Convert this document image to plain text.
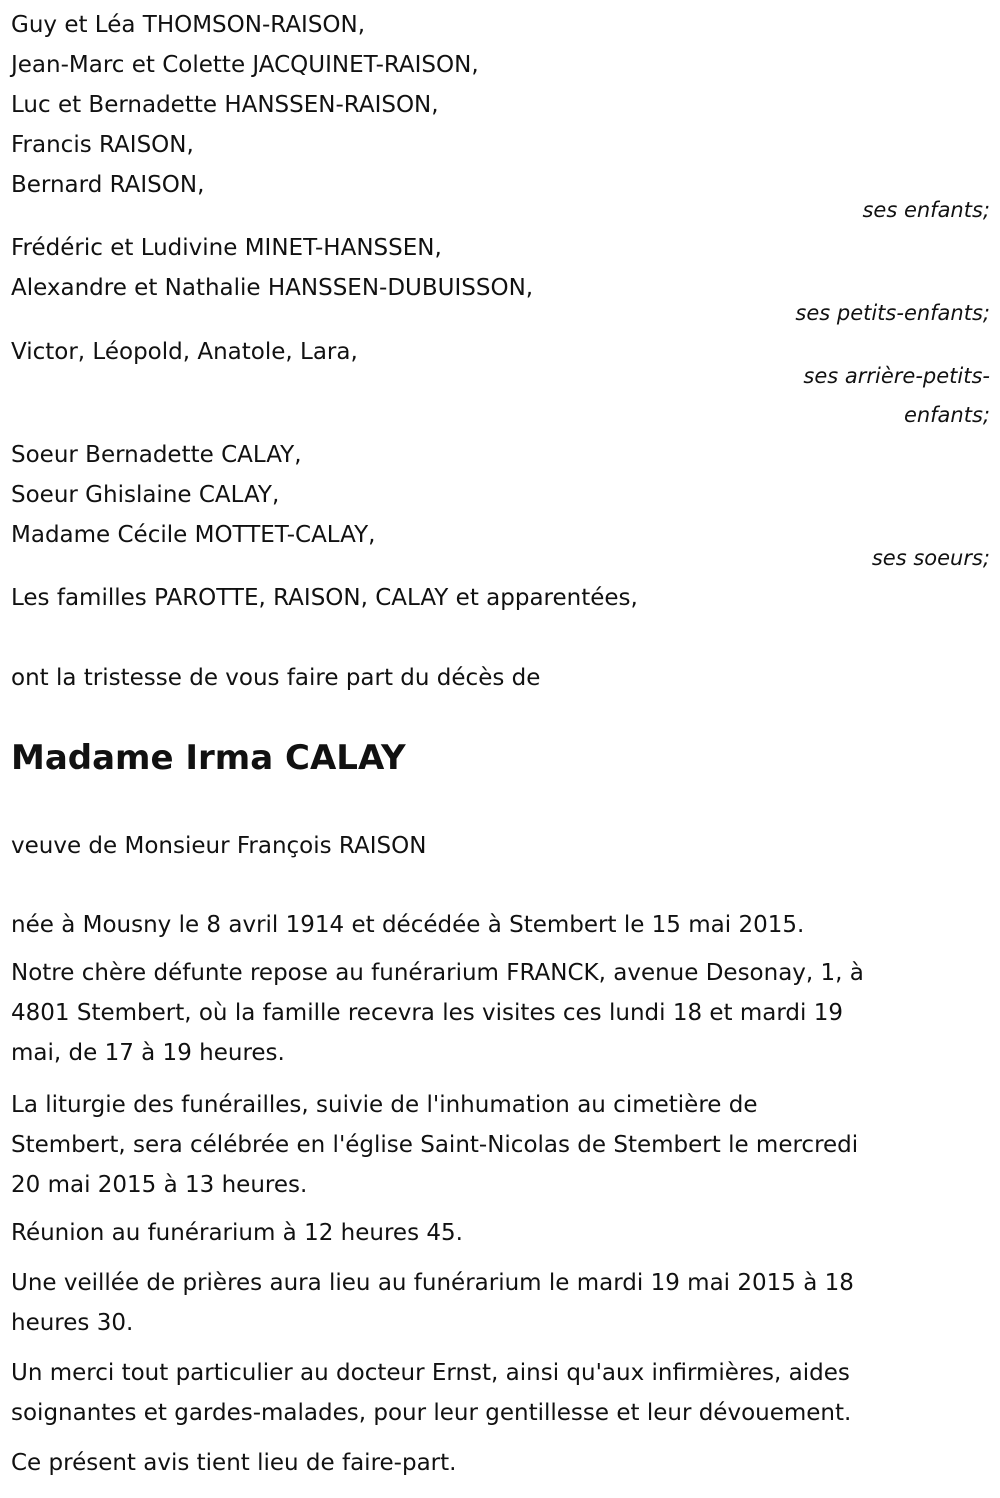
Guy et Léa THOMSON-RAISON,
Jean-Marc et Colette JACQUINET-RAISON,
Luc et Bernadette HANSSEN-RAISON,
Francis RAISON,
Bernard RAISON,
ses enfants;
Frédéric et Ludivine MINET-HANSSEN,
Alexandre et Nathalie HANSSEN-DUBUISSON,
ses petits-enfants;
Victor, Léopold, Anatole, Lara,
ses arrière-petits-
enfants;
Soeur Bernadette CALAY,
Soeur Ghislaine CALAY,
Madame Cécile MOTTET-CALAY,
ses soeurs;
Les familles PAROTTE, RAISON, CALAY et apparentées,
ont la tristesse de vous faire part du décès de
Madame Irma CALAY
veuve de Monsieur François RAISON
née à Mousny le 8 avril 1914 et décédée à Stembert le 15 mai 2015.
Notre chère défunte repose au funérarium FRANCK, avenue Desonay, 1, à
4801 Stembert, où la famille recevra les visites ces lundi 18 et mardi 19
mai, de 17 à 19 heures.
La liturgie des funérailles, suivie de l'inhumation au cimetière de
Stembert, sera célébrée en l'église Saint-Nicolas de Stembert le mercredi
20 mai 2015 à 13 heures.
Réunion au funérarium à 12 heures 45.
Une veillée de prières aura lieu au funérarium le mardi 19 mai 2015 à 18
heures 30.
Un merci tout particulier au docteur Ernst, ainsi qu'aux infirmières, aides
soignantes et gardes-malades, pour leur gentillesse et leur dévouement.
Ce présent avis tient lieu de faire-part.
